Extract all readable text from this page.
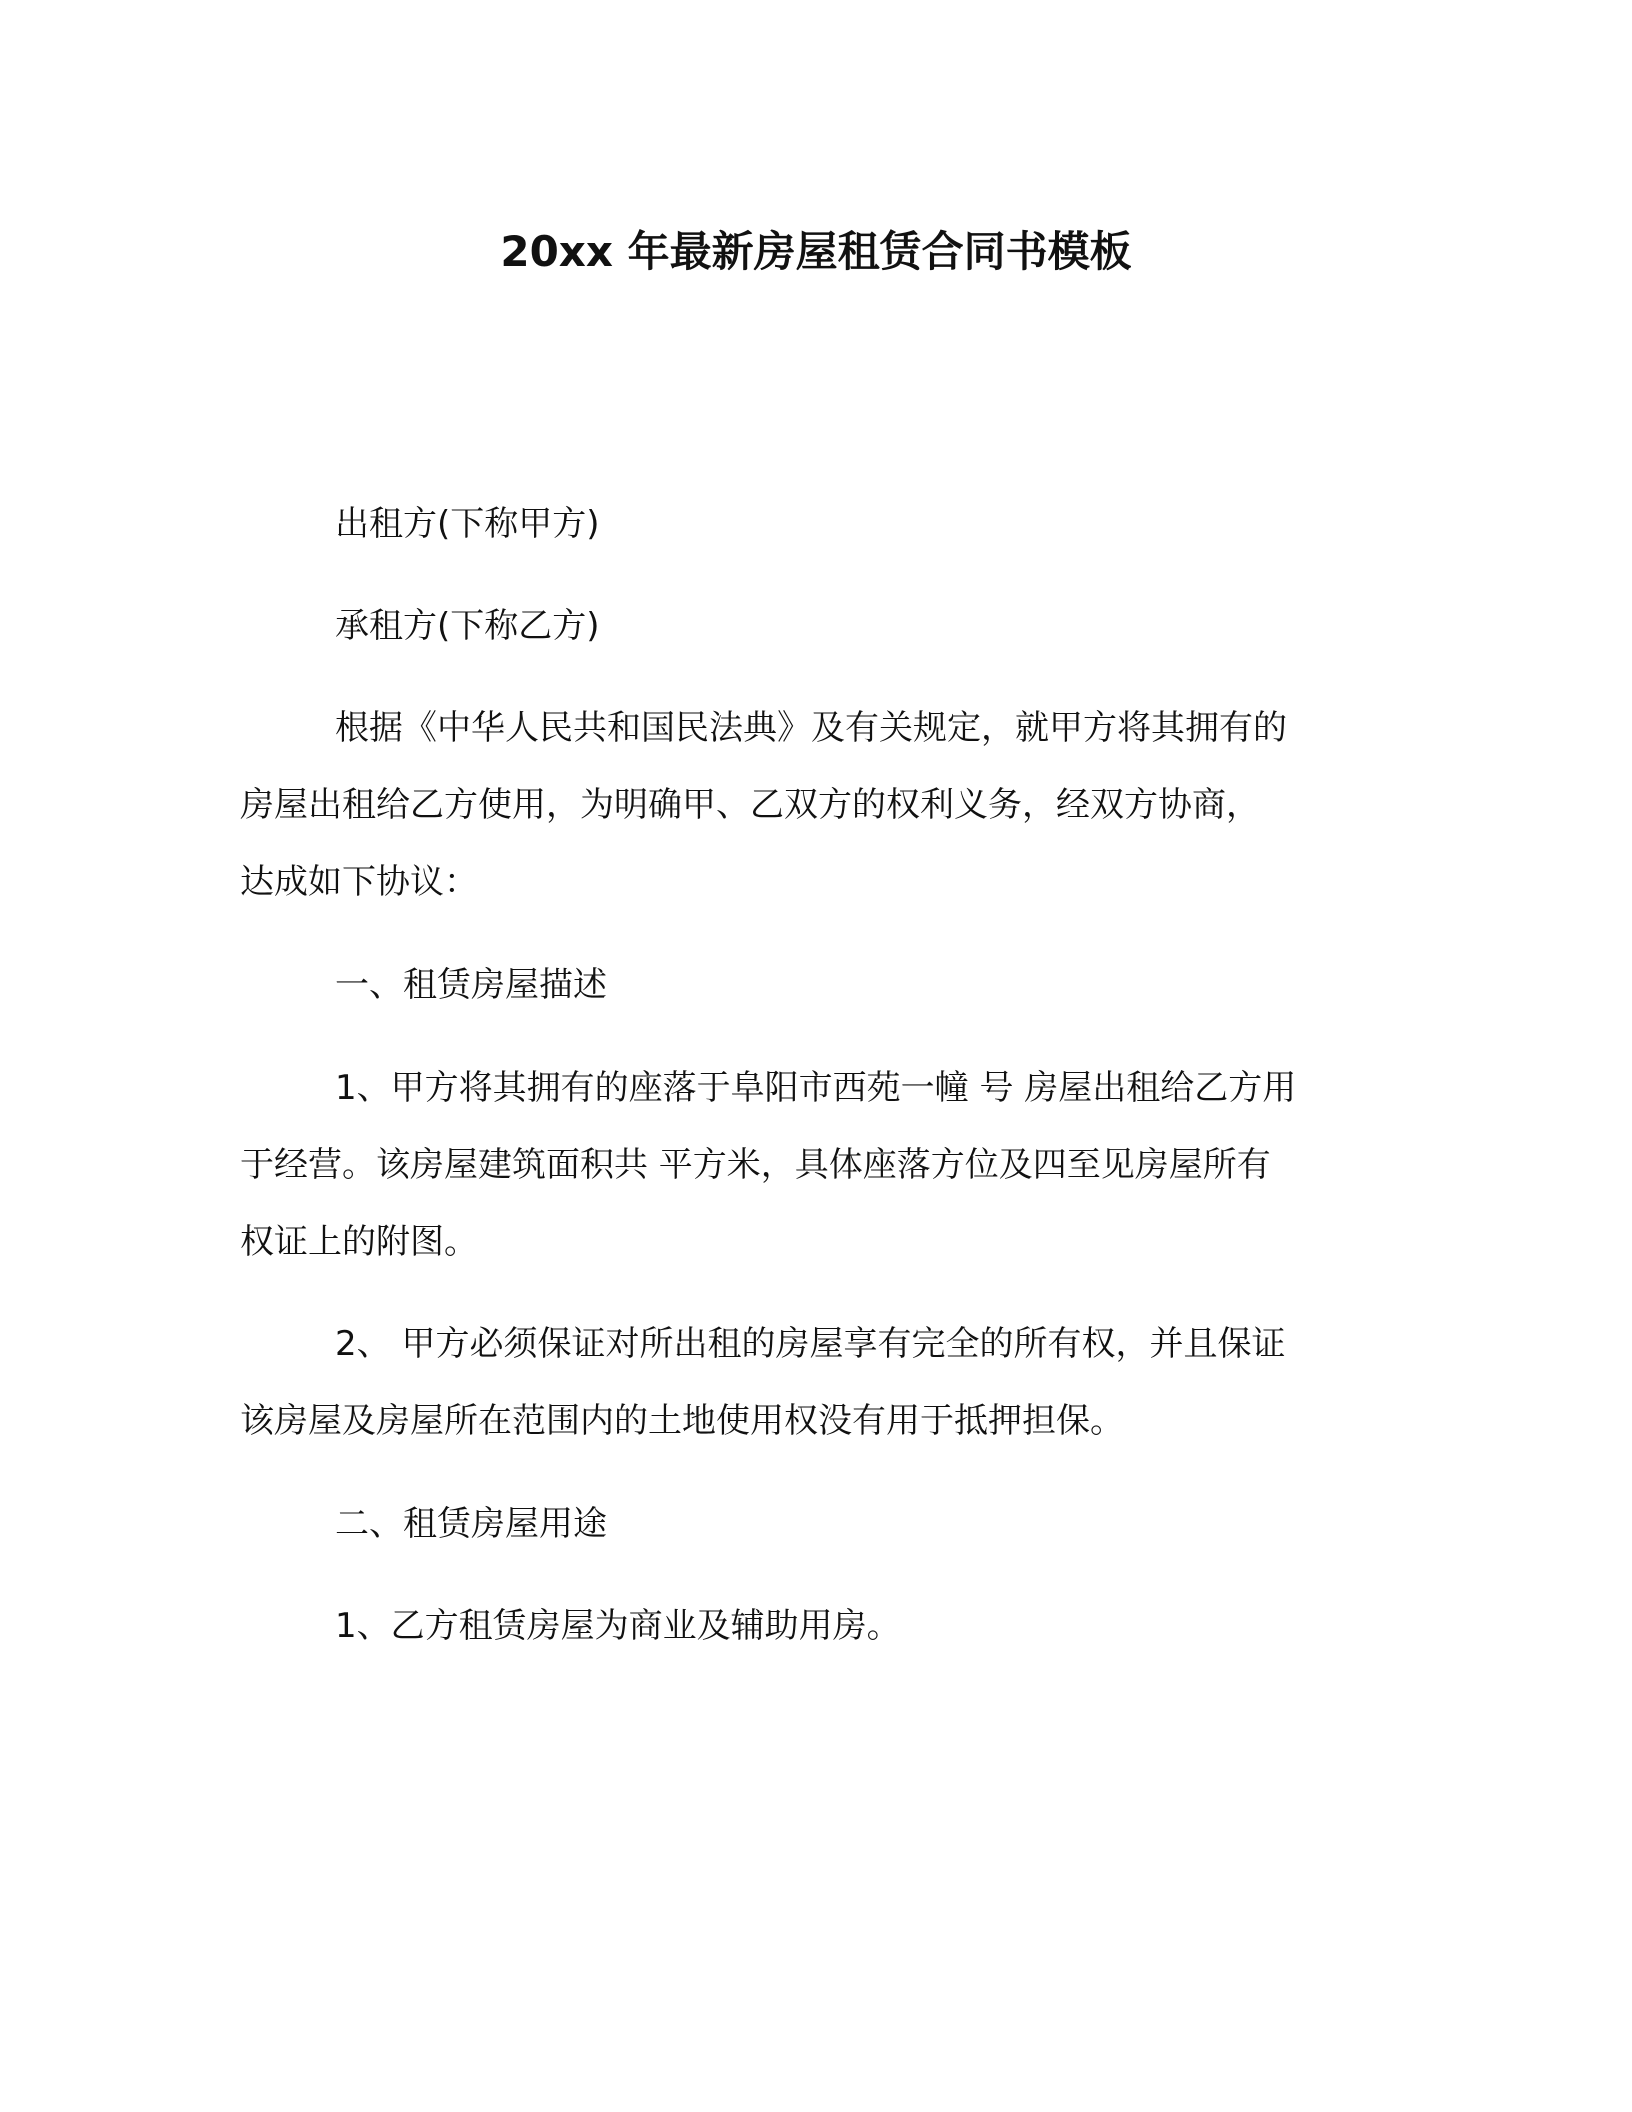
20xx 年最新房屋租赁合同书模板
出租方(下称甲方)
承租方(下称乙方)
根据《中华人民共和国民法典》及有关规定，就甲方将其拥有的
房屋出租给乙方使用，为明确甲、乙双方的权利义务，经双方协商，
达成如下协议：
一、租赁房屋描述
1、甲方将其拥有的座落于阜阳市西苑一幢 号 房屋出租给乙方用
于经营。该房屋建筑面积共 平方米，具体座落方位及四至见房屋所有
权证上的附图。
2、 甲方必须保证对所出租的房屋享有完全的所有权，并且保证
该房屋及房屋所在范围内的土地使用权没有用于抵押担保。
二、租赁房屋用途
1、乙方租赁房屋为商业及辅助用房。
